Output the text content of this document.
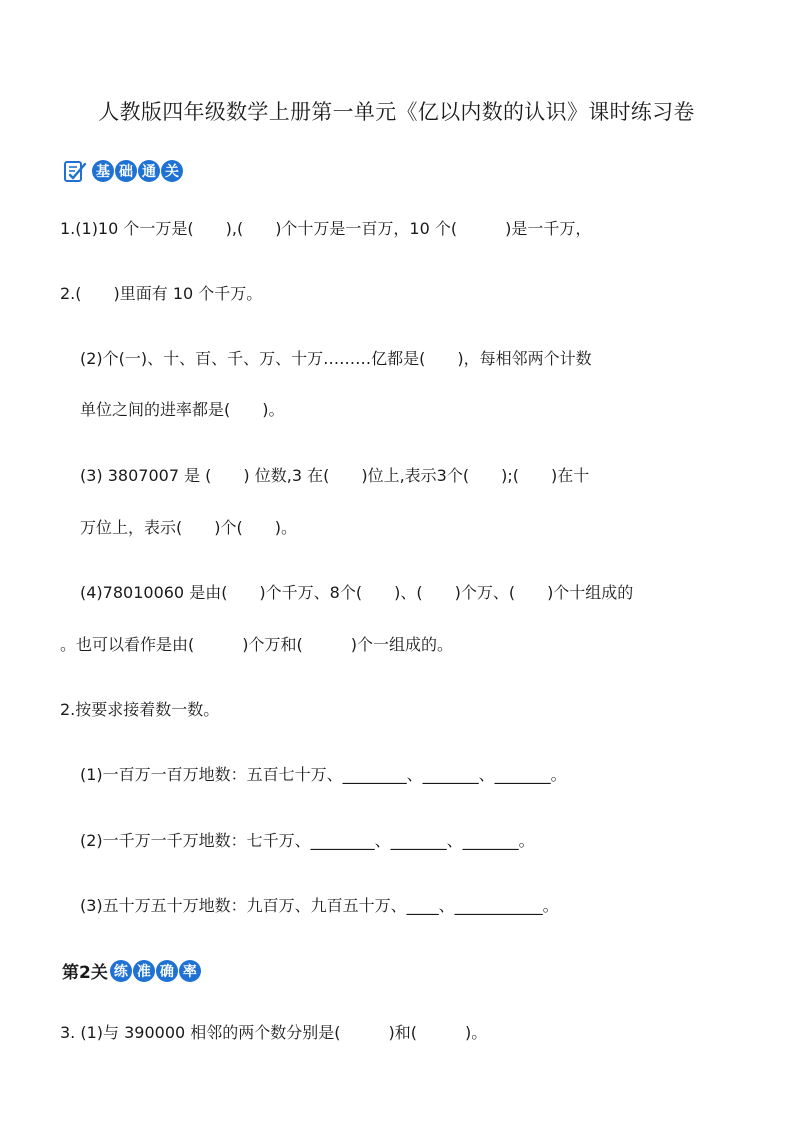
人教版四年级数学上册第一单元《亿以内数的认识》课时练习卷
基 础 通 关
1.(1)10 个一万是(　　),(　　)个十万是一百万，10 个(　　　)是一千万，
2.(　　)里面有 10 个千万。
(2)个(一)、十、百、千、万、十万………亿都是(　　)，每相邻两个计数
单位之间的进率都是(　　)。
(3) 3807007 是 (　　) 位数,3 在(　　)位上,表示3个(　　);(　　)在十
万位上，表示(　　)个(　　)。
(4)78010060 是由(　　)个千万、8个(　　)、(　　)个万、(　　)个十组成的
。也可以看作是由(　　　)个万和(　　　)个一组成的。
2.按要求接着数一数。
(1)一百万一百万地数：五百七十万、________、_______、_______。
(2)一千万一千万地数：七千万、________、_______、_______。
(3)五十万五十万地数：九百万、九百五十万、____、___________。
第2关 练 准 确 率
3. (1)与 390000 相邻的两个数分别是(　　　)和(　　　)。
